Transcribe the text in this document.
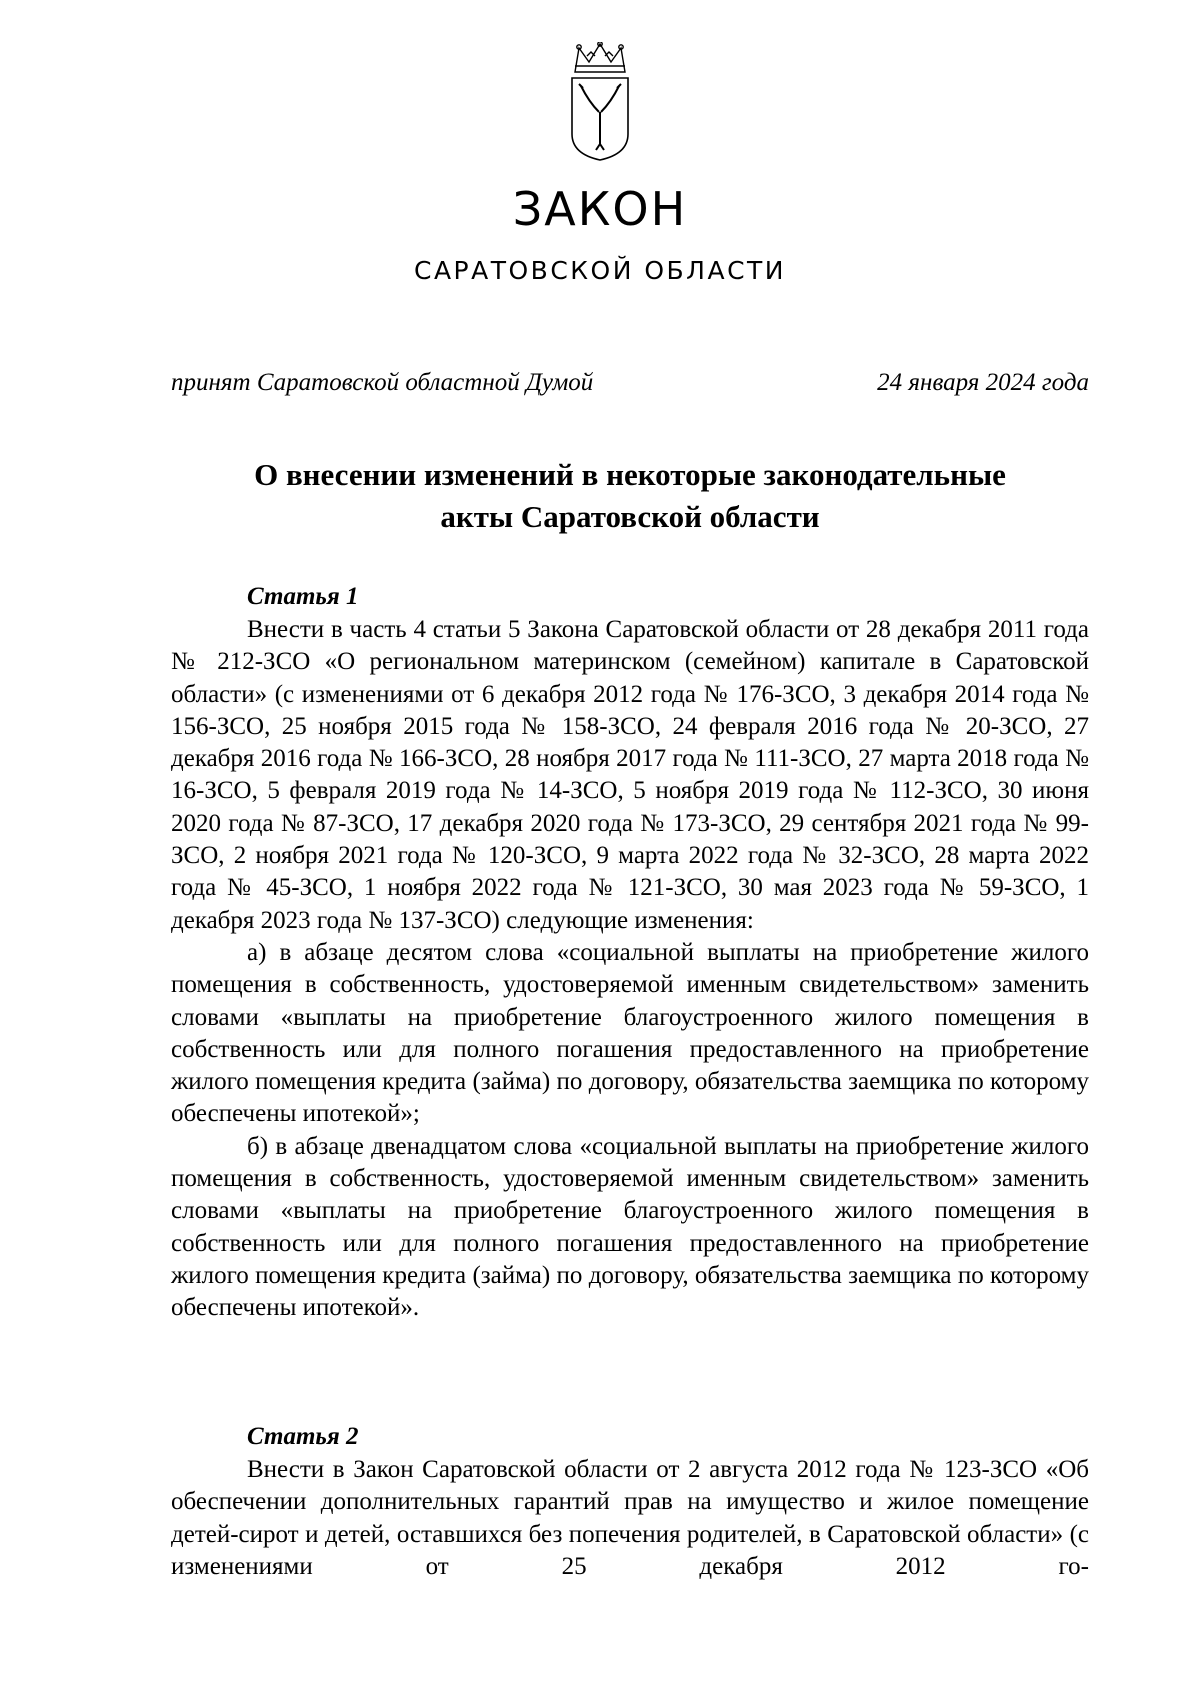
ЗАКОН
САРАТОВСКОЙ ОБЛАСТИ
принят Саратовской областной Думой	24 января 2024 года
О внесении изменений в некоторые законодательные
акты Саратовской области
Статья 1

Внести в часть 4 статьи 5 Закона Саратовской области от 28 декабря 2011 года № 212-ЗСО «О региональном материнском (семейном) капитале в Саратовской области» (с изменениями от 6 декабря 2012 года № 176-ЗСО, 3 декабря 2014 года № 156-ЗСО, 25 ноября 2015 года № 158-ЗСО, 24 февраля 2016 года № 20-ЗСО, 27 декабря 2016 года № 166-ЗСО, 28 ноября 2017 года № 111-ЗСО, 27 марта 2018 года № 16-ЗСО, 5 февраля 2019 года № 14-ЗСО, 5 ноября 2019 года № 112-ЗСО, 30 июня 2020 года № 87-ЗСО, 17 декабря 2020 года № 173-ЗСО, 29 сентября 2021 года № 99-ЗСО, 2 ноября 2021 года № 120-ЗСО, 9 марта 2022 года № 32-ЗСО, 28 марта 2022 года № 45-ЗСО, 1 ноября 2022 года № 121-ЗСО, 30 мая 2023 года № 59-ЗСО, 1 декабря 2023 года № 137-ЗСО) следующие изменения:

а) в абзаце десятом слова «социальной выплаты на приобретение жилого помещения в собственность, удостоверяемой именным свидетельством» заменить словами «выплаты на приобретение благоустроенного жилого помещения в собственность или для полного погашения предоставленного на приобретение жилого помещения кредита (займа) по договору, обязательства заемщика по которому обеспечены ипотекой»;

б) в абзаце двенадцатом слова «социальной выплаты на приобретение жилого помещения в собственность, удостоверяемой именным свидетельством» заменить словами «выплаты на приобретение благоустроенного жилого помещения в собственность или для полного погашения предоставленного на приобретение жилого помещения кредита (займа) по договору, обязательства заемщика по которому обеспечены ипотекой».

Статья 2

Внести в Закон Саратовской области от 2 августа 2012 года № 123-ЗСО «Об обеспечении дополнительных гарантий прав на имущество и жилое помещение детей-сирот и детей, оставшихся без попечения родителей, в Саратовской области» (с изменениями от 25 декабря 2012 го-
